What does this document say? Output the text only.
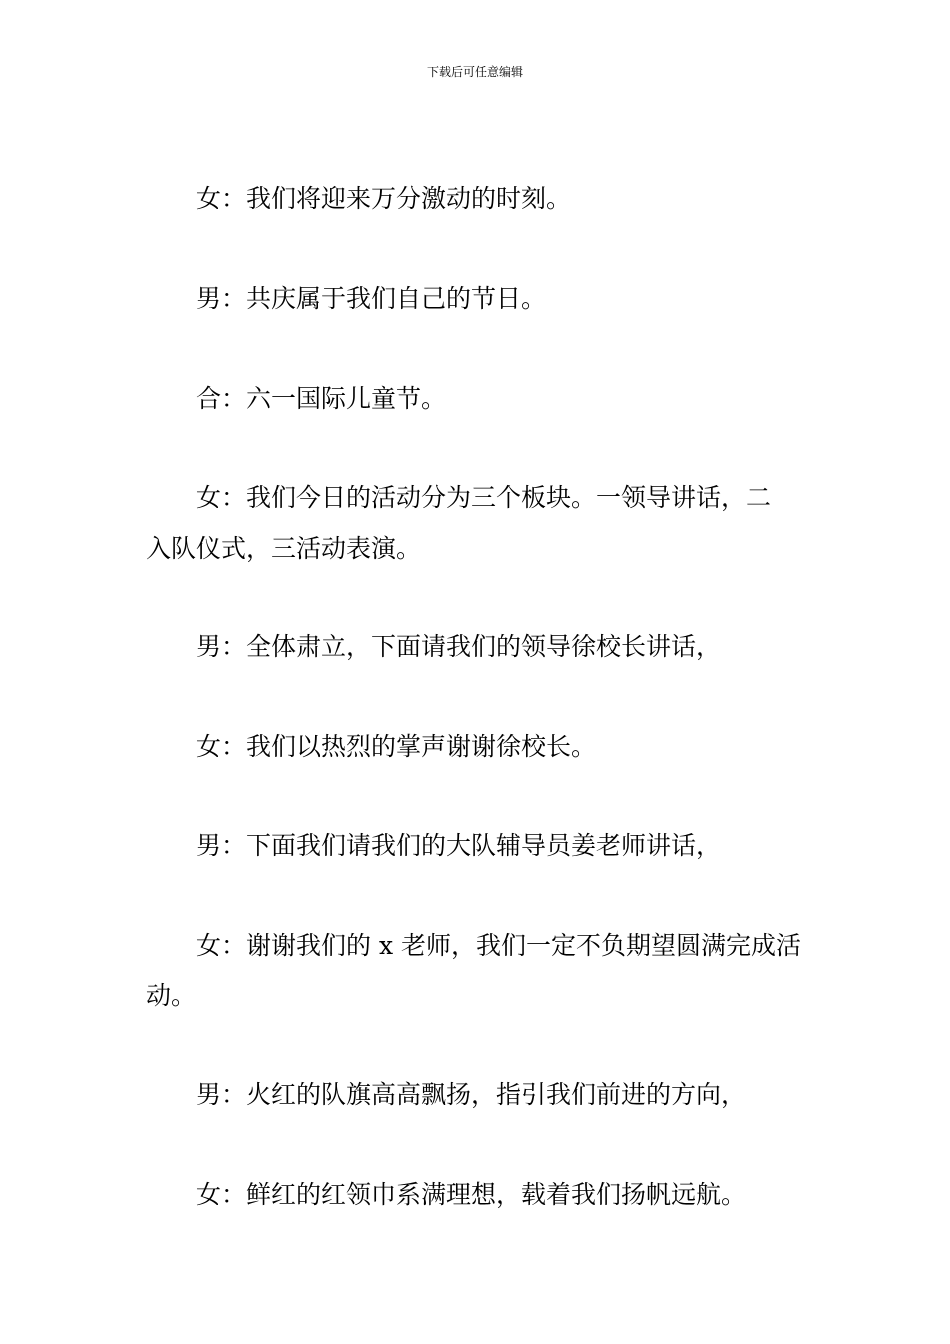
下载后可任意编辑
女：我们将迎来万分激动的时刻。
男：共庆属于我们自己的节日。
合：六一国际儿童节。
女：我们今日的活动分为三个板块。一领导讲话，二
入队仪式，三活动表演。
男：全体肃立，下面请我们的领导徐校长讲话，
女：我们以热烈的掌声谢谢徐校长。
男：下面我们请我们的大队辅导员姜老师讲话，
女：谢谢我们的 x 老师，我们一定不负期望圆满完成活
动。
男：火红的队旗高高飘扬，指引我们前进的方向，
女：鲜红的红领巾系满理想，载着我们扬帆远航。
